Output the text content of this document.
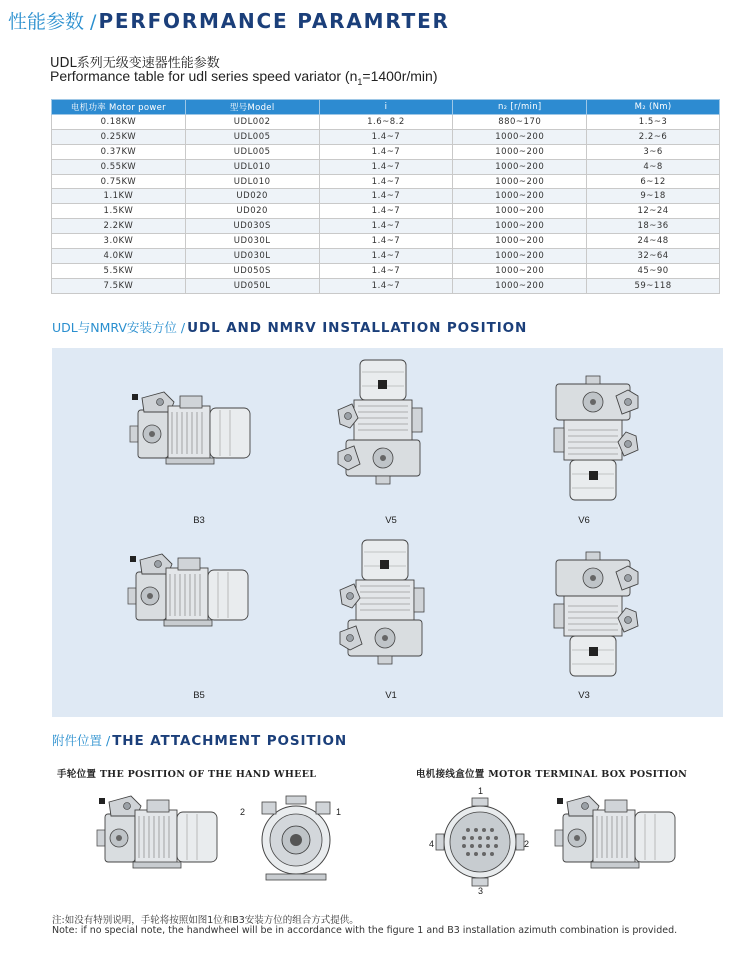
性能参数 / PERFORMANCE PARAMRTER
UDL系列无级变速器性能参数
Performance table for udl series speed variator $(n_1=1400r/\min)$
电机功率 Motor power	型号Model	i	n₂ [r/min]	M₂ (Nm)
0.18KW	UDL002	1.6~8.2	880~170	1.5~3
0.25KW	UDL005	1.4~7	1000~200	2.2~6
0.37KW	UDL005	1.4~7	1000~200	3~6
0.55KW	UDL010	1.4~7	1000~200	4~8
0.75KW	UDL010	1.4~7	1000~200	6~12
1.1KW	UD020	1.4~7	1000~200	9~18
1.5KW	UD020	1.4~7	1000~200	12~24
2.2KW	UD030S	1.4~7	1000~200	18~36
3.0KW	UD030L	1.4~7	1000~200	24~48
4.0KW	UD030L	1.4~7	1000~200	32~64
5.5KW	UD050S	1.4~7	1000~200	45~90
7.5KW	UD050L	1.4~7	1000~200	59~118
UDL与NMRV安装方位 / UDL AND NMRV INSTALLATION POSITION
B3	V5	V6
B5	V1	V3
附件位置 / THE ATTACHMENT POSITION
手轮位置 THE POSITION OF THE HAND WHEEL	电机接线盒位置 MOTOR TERMINAL BOX POSITION
2	1
1
4	2
3
注:如没有特别说明，手轮将按照如图1位和B3安装方位的组合方式提供。
Note: if no special note, the handwheel will be in accordance with the figure 1 and B3 installation azimuth combination is provided.
